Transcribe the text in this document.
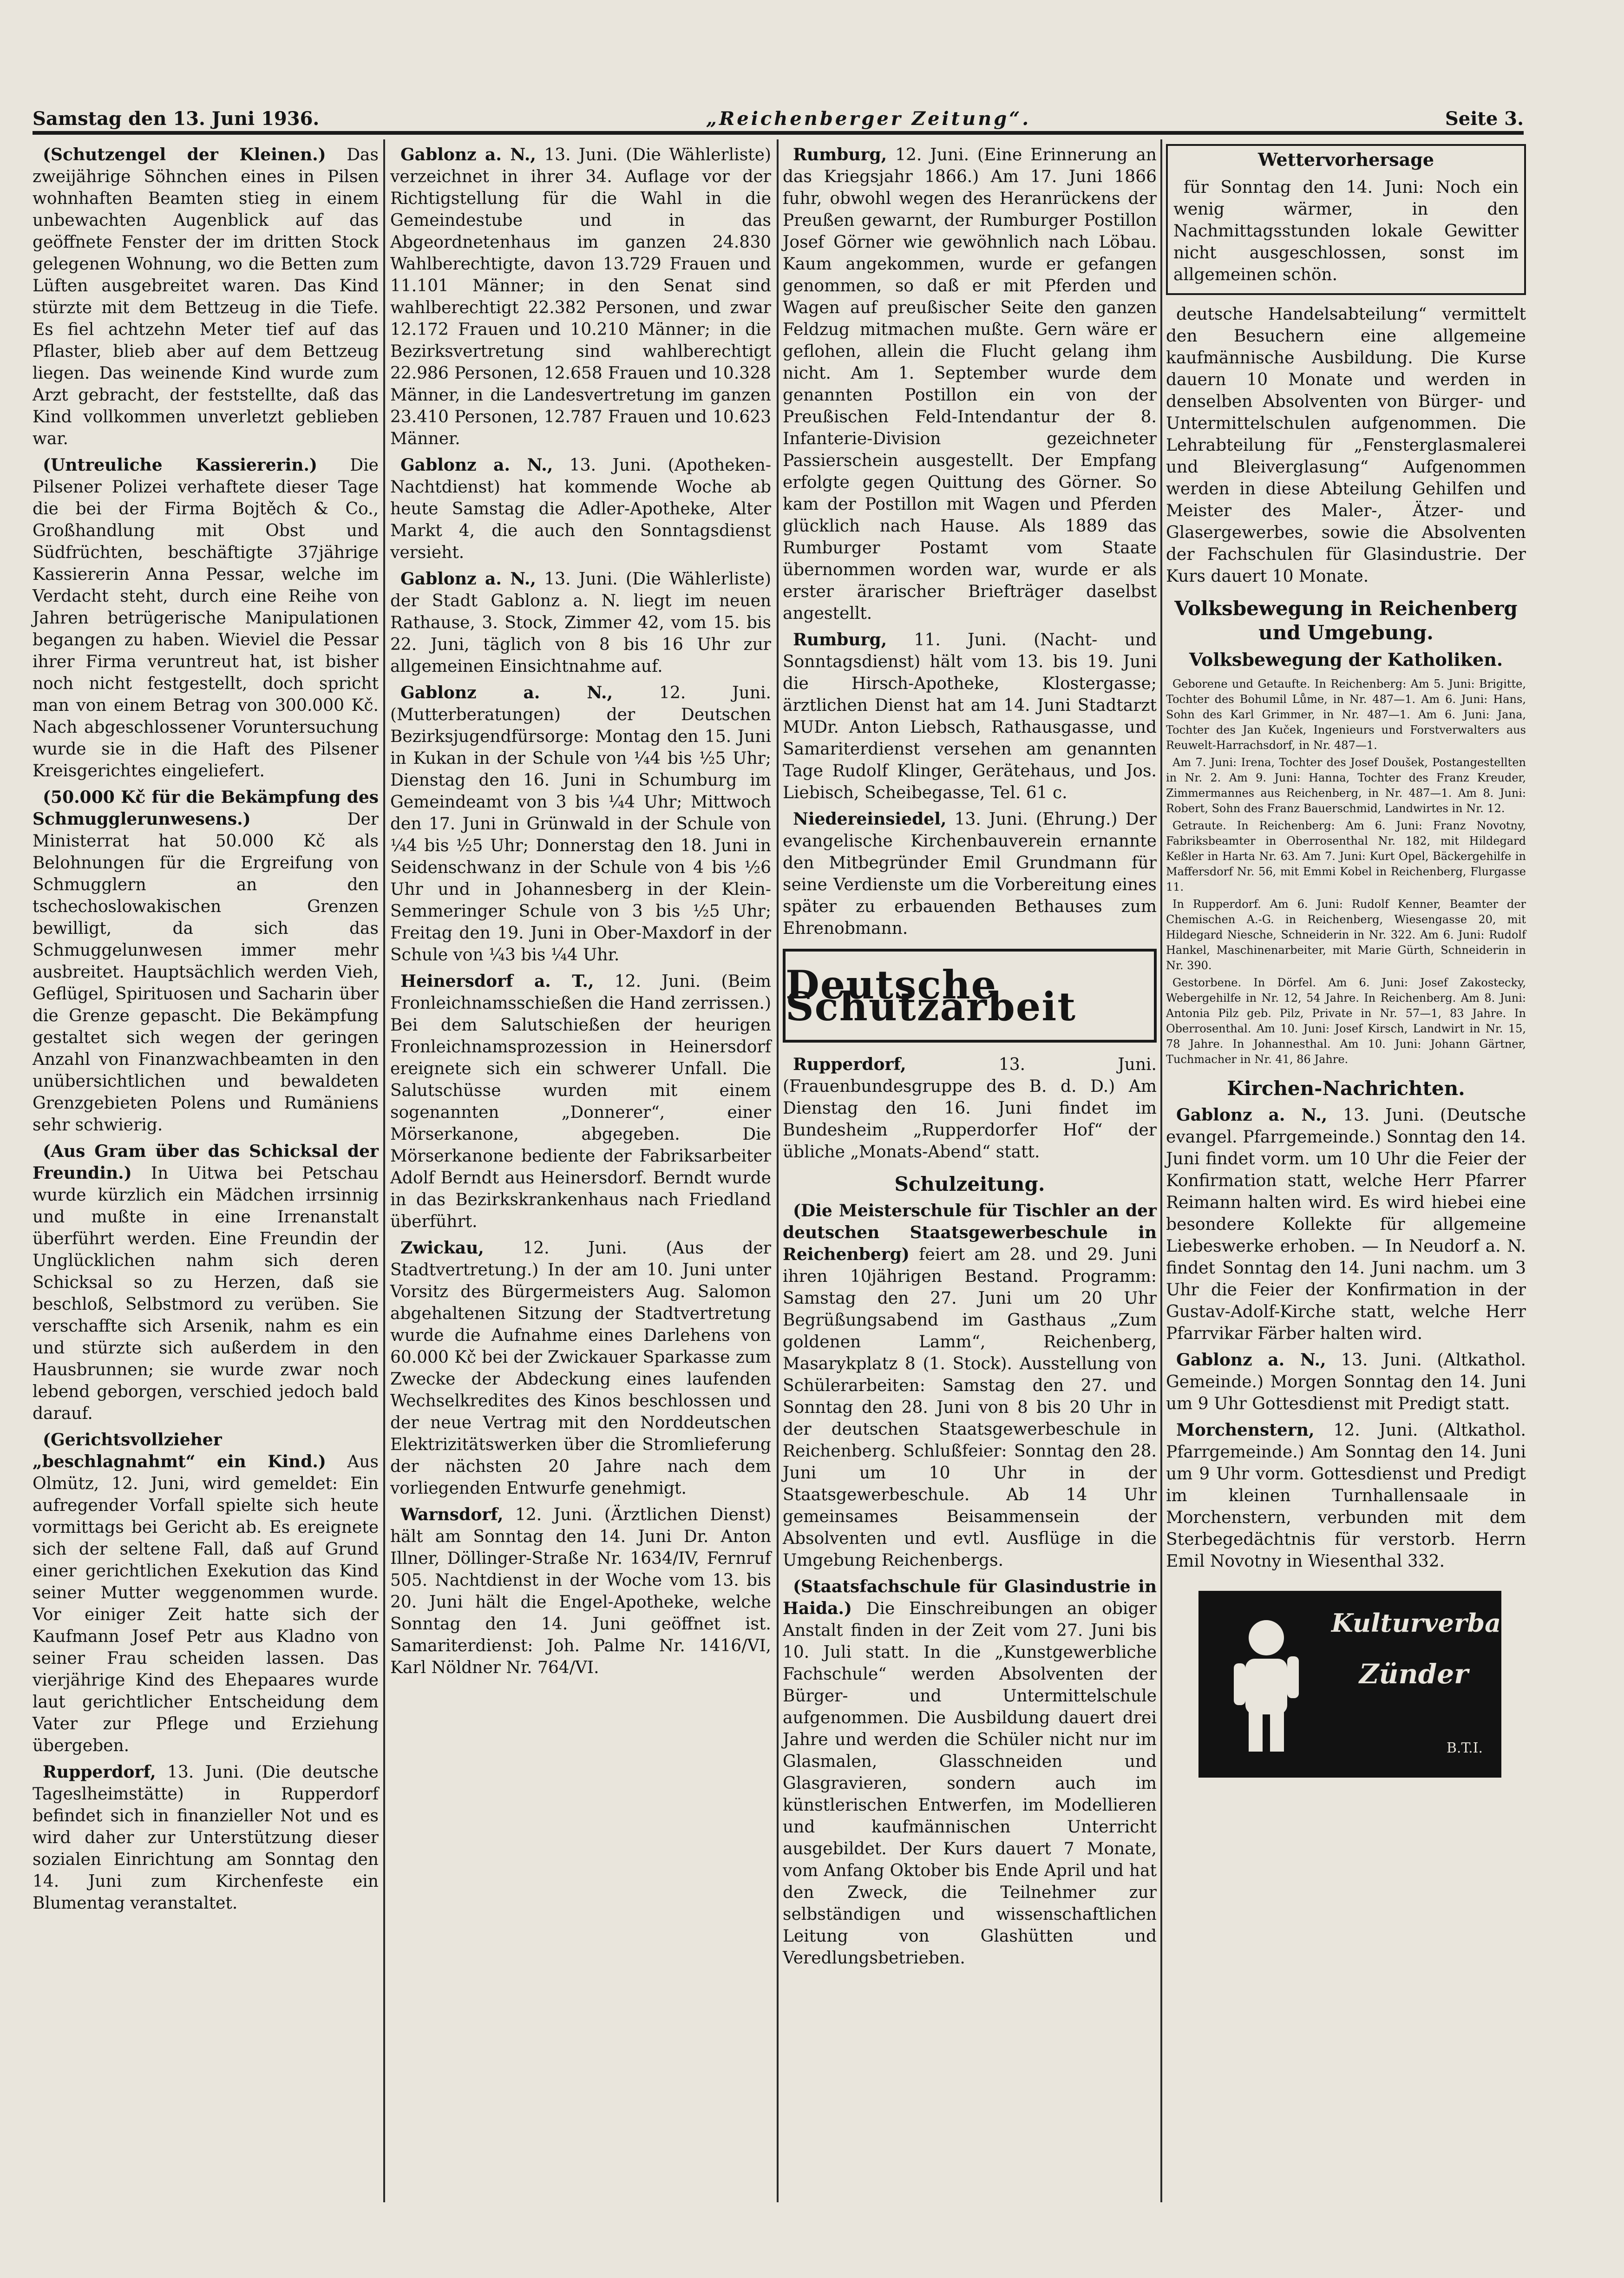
Samstag den 13. Juni 1936.	„Reichenberger Zeitung“.	Seite 3.

(Schutzengel der Kleinen.) Das zweijährige Söhnchen eines in Pilsen wohnhaften Beamten stieg in einem unbewachten Augenblick auf das geöffnete Fenster der im dritten Stock gelegenen Wohnung, wo die Betten zum Lüften ausgebreitet waren. Das Kind stürzte mit dem Bettzeug in die Tiefe. Es fiel achtzehn Meter tief auf das Pflaster, blieb aber auf dem Bettzeug liegen. Das weinende Kind wurde zum Arzt gebracht, der feststellte, daß das Kind vollkommen unverletzt geblieben war.

(Untreuliche Kassiererin.) Die Pilsener Polizei verhaftete dieser Tage die bei der Firma Bojtěch & Co., Großhandlung mit Obst und Südfrüchten, beschäftigte 37jährige Kassiererin Anna Pessar, welche im Verdacht steht, durch eine Reihe von Jahren betrügerische Manipulationen begangen zu haben. Wieviel die Pessar ihrer Firma veruntreut hat, ist bisher noch nicht festgestellt, doch spricht man von einem Betrag von 300.000 Kč. Nach abgeschlossener Voruntersuchung wurde sie in die Haft des Pilsener Kreisgerichtes eingeliefert.

(50.000 Kč für die Bekämpfung des Schmugglerunwesens.)	Der Ministerrat hat 50.000 Kč als Belohnungen für die Ergreifung von Schmugglern an den tschechoslowakischen Grenzen bewilligt, da sich das Schmuggelunwesen immer mehr ausbreitet. Hauptsächlich werden Vieh, Geflügel, Spirituosen und Sacharin über die Grenze gepascht. Die Bekämpfung gestaltet sich wegen der geringen Anzahl von Finanzwachbeamten in den unübersichtlichen und bewaldeten Grenzgebieten Polens und Rumäniens sehr schwierig.

(Aus Gram über das Schicksal der Freundin.) In Uitwa bei Petschau wurde kürzlich ein Mädchen irrsinnig und mußte in eine Irrenanstalt überführt werden. Eine Freundin der Unglücklichen nahm sich deren Schicksal so zu Herzen, daß sie beschloß, Selbstmord zu verüben. Sie verschaffte sich Arsenik, nahm es ein und stürzte sich außerdem in den Hausbrunnen; sie wurde zwar noch lebend geborgen, verschied jedoch bald darauf.

(Gerichtsvollzieher „beschlagnahmt“ ein Kind.) Aus Olmütz, 12. Juni, wird gemeldet: Ein aufregender Vorfall spielte sich heute vormittags bei Gericht ab. Es ereignete sich der seltene Fall, daß auf Grund einer gerichtlichen Exekution das Kind seiner Mutter weggenommen wurde. Vor einiger Zeit hatte sich der Kaufmann Josef Petr aus Kladno von seiner Frau scheiden lassen. Das vierjährige Kind des Ehepaares wurde laut gerichtlicher Entscheidung dem Vater zur Pflege und Erziehung übergeben.

Rupperdorf, 13. Juni. (Die deutsche Tageslheimstätte) in Rupperdorf befindet sich in finanzieller Not und es wird daher zur Unterstützung dieser sozialen Einrichtung am Sonntag den 14. Juni zum Kirchenfeste ein Blumentag veranstaltet.

Gablonz a. N., 13. Juni. (Die Wählerliste) verzeichnet in ihrer 34. Auflage vor der Richtigstellung für die Wahl in die Gemeindestube und in das Abgeordnetenhaus im ganzen 24.830 Wahlberechtigte, davon 13.729 Frauen und 11.101 Männer; in den Senat sind wahlberechtigt 22.382 Personen, und zwar 12.172 Frauen und 10.210 Männer; in die Bezirksvertretung sind wahlberechtigt 22.986 Personen, 12.658 Frauen und 10.328 Männer, in die Landesvertretung im ganzen 23.410 Personen, 12.787 Frauen und 10.623 Männer.

Gablonz a. N., 13. Juni. (Apotheken-Nachtdienst) hat kommende Woche ab heute Samstag die Adler-Apotheke, Alter Markt 4, die auch den Sonntagsdienst versieht.

Gablonz a. N., 13. Juni. (Die Wählerliste) der Stadt Gablonz a. N. liegt im neuen Rathause, 3. Stock, Zimmer 42, vom 15. bis 22. Juni, täglich von 8 bis 16 Uhr zur allgemeinen Einsichtnahme auf.

Gablonz a. N.,	12. Juni. (Mutterberatungen) der Deutschen Bezirksjugendfürsorge: Montag den 15. Juni in Kukan in der Schule von ¼4 bis ½5 Uhr; Dienstag den 16. Juni in Schumburg im Gemeindeamt von 3 bis ¼4 Uhr; Mittwoch den 17. Juni in Grünwald in der Schule von ¼4 bis ½5 Uhr; Donnerstag den 18. Juni in Seidenschwanz in der Schule von 4 bis ½6 Uhr und in Johannesberg in der Klein-Semmeringer Schule von 3 bis ½5 Uhr; Freitag den 19. Juni in Ober-Maxdorf in der Schule von ¼3 bis ¼4 Uhr.

Heinersdorf a. T., 12. Juni. (Beim Fronleichnamsschießen die Hand zerrissen.) Bei dem Salutschießen der heurigen Fronleichnamsprozession in Heinersdorf ereignete sich ein schwerer Unfall. Die Salutschüsse wurden mit einem sogenannten „Donnerer“, einer Mörserkanone, abgegeben. Die Mörserkanone bediente der Fabriksarbeiter Adolf Berndt aus Heinersdorf. Berndt wurde in das Bezirkskrankenhaus nach Friedland überführt.

Zwickau, 12. Juni. (Aus der Stadtvertretung.) In der am 10. Juni unter Vorsitz des Bürgermeisters Aug. Salomon abgehaltenen Sitzung der Stadtvertretung wurde die Aufnahme eines Darlehens von 60.000 Kč bei der Zwickauer Sparkasse zum Zwecke der Abdeckung eines laufenden Wechselkredites des Kinos beschlossen und der neue Vertrag mit den Norddeutschen Elektrizitätswerken über die Stromlieferung der nächsten 20 Jahre nach dem vorliegenden Entwurfe genehmigt.

Warnsdorf, 12. Juni. (Ärztlichen Dienst) hält am Sonntag den 14. Juni Dr. Anton Illner, Döllinger-Straße Nr. 1634/IV, Fernruf 505. Nachtdienst in der Woche vom 13. bis 20. Juni hält die Engel-Apotheke, welche Sonntag den 14. Juni geöffnet ist. Samariterdienst: Joh. Palme Nr. 1416/VI, Karl Nöldner Nr. 764/VI.

Rumburg, 12. Juni. (Eine Erinnerung an das Kriegsjahr 1866.) Am 17. Juni 1866 fuhr, obwohl wegen des Heranrückens der Preußen gewarnt, der Rumburger Postillon Josef Görner wie gewöhnlich nach Löbau. Kaum angekommen, wurde er gefangen genommen, so daß er mit Pferden und Wagen auf preußischer Seite den ganzen Feldzug mitmachen mußte. Gern wäre er geflohen, allein die Flucht gelang ihm nicht. Am 1. September wurde dem genannten Postillon ein von der Preußischen Feld-Intendantur der 8. Infanterie-Division gezeichneter Passierschein ausgestellt. Der Empfang erfolgte gegen Quittung des Görner. So kam der Postillon mit Wagen und Pferden glücklich nach Hause. Als 1889 das Rumburger Postamt vom Staate übernommen worden war, wurde er als erster ärarischer Briefträger daselbst angestellt.

Rumburg, 11. Juni. (Nacht- und Sonntagsdienst) hält vom 13. bis 19. Juni die Hirsch-Apotheke, Klostergasse; ärztlichen Dienst hat am 14. Juni Stadtarzt MUDr. Anton Liebsch, Rathausgasse, und Samariterdienst versehen am genannten Tage Rudolf Klinger, Gerätehaus, und Jos. Liebisch, Scheibegasse, Tel. 61 c.

Niedereinsiedel, 13. Juni. (Ehrung.) Der evangelische Kirchenbauverein ernannte den Mitbegründer Emil Grundmann für seine Verdienste um die Vorbereitung eines später zu erbauenden Bethauses zum Ehrenobmann.

Deutsche Schutzarbeit

Rupperdorf,	13. Juni. (Frauenbundesgruppe des B. d. D.) Am Dienstag den 16. Juni findet im Bundesheim „Rupperdorfer Hof“ der übliche „Monats-Abend“ statt.

Schulzeitung.

(Die Meisterschule für Tischler an der deutschen Staatsgewerbeschule in Reichenberg) feiert am 28. und 29. Juni ihren 10jährigen Bestand. Programm: Samstag den 27. Juni um 20 Uhr Begrüßungsabend im Gasthaus „Zum goldenen Lamm“, Reichenberg, Masarykplatz 8 (1. Stock). Ausstellung von Schülerarbeiten: Samstag den 27. und Sonntag den 28. Juni von 8 bis 20 Uhr in der deutschen Staatsgewerbeschule in Reichenberg. Schlußfeier: Sonntag den 28. Juni um 10 Uhr in der Staatsgewerbeschule. Ab 14 Uhr gemeinsames Beisammensein der Absolventen und evtl. Ausflüge in die Umgebung Reichenbergs.

(Staatsfachschule für Glasindustrie in Haida.) Die Einschreibungen an obiger Anstalt finden in der Zeit vom 27. Juni bis 10. Juli statt. In die „Kunstgewerbliche Fachschule“ werden Absolventen der Bürger- und Untermittelschule aufgenommen. Die Ausbildung dauert drei Jahre und werden die Schüler nicht nur im Glasmalen, Glasschneiden und Glasgravieren, sondern auch im künstlerischen Entwerfen, im Modellieren und kaufmännischen Unterricht ausgebildet. Der Kurs dauert 7 Monate, vom Anfang Oktober bis Ende April und hat den Zweck, die Teilnehmer zur selbständigen und wissenschaftlichen Leitung von Glashütten und Veredlungsbetrieben.

Wettervorhersage

für Sonntag den 14. Juni: Noch ein wenig wärmer, in den Nachmittagsstunden lokale Gewitter nicht ausgeschlossen, sonst im allgemeinen schön.

deutsche Handelsabteilung“ vermittelt den Besuchern eine allgemeine kaufmännische Ausbildung. Die Kurse dauern 10 Monate und werden in denselben Absolventen von Bürger- und Untermittelschulen aufgenommen. Die Lehrabteilung für „Fensterglasmalerei und Bleiverglasung“ Aufgenommen werden in diese Abteilung Gehilfen und Meister des Maler-, Ätzer- und Glasergewerbes, sowie die Absolventen der Fachschulen für Glasindustrie. Der Kurs dauert 10 Monate.

Volksbewegung in Reichenberg und Umgebung.
Volksbewegung der Katholiken.

Geborene und Getaufte. In Reichenberg: Am 5. Juni: Brigitte, Tochter des Bohumil Lůme, in Nr. 487—1. Am 6. Juni: Hans, Sohn des Karl Grimmer, in Nr. 487—1. Am 6. Juni: Jana, Tochter des Jan Kuček, Ingenieurs und Forstverwalters aus Reuwelt-Harrachsdorf, in Nr. 487—1.

Am 7. Juni: Irena, Tochter des Josef Doušek, Postangestellten in Nr. 2. Am 9. Juni: Hanna, Tochter des Franz Kreuder, Zimmermannes aus Reichenberg, in Nr. 487—1. Am 8. Juni: Robert, Sohn des Franz Bauerschmid, Landwirtes in Nr. 12.

Getraute. In Reichenberg: Am 6. Juni: Franz Novotny, Fabriksbeamter in Oberrosenthal Nr. 182, mit Hildegard Keßler in Harta Nr. 63. Am 7. Juni: Kurt Opel, Bäckergehilfe in Maffersdorf Nr. 56, mit Emmi Kobel in Reichenberg, Flurgasse 11.

In Rupperdorf. Am 6. Juni: Rudolf Kenner, Beamter der Chemischen A.-G. in Reichenberg, Wiesengasse 20, mit Hildegard Niesche, Schneiderin in Nr. 322. Am 6. Juni: Rudolf Hankel, Maschinenarbeiter, mit Marie Gürth, Schneiderin in Nr. 390.

Gestorbene. In Dörfel. Am 6. Juni: Josef Zakostecky, Webergehilfe in Nr. 12, 54 Jahre. In Reichenberg. Am 8. Juni: Antonia Pilz geb. Pilz, Private in Nr. 57—1, 83 Jahre. In Oberrosenthal. Am 10. Juni: Josef Kirsch, Landwirt in Nr. 15, 78 Jahre. In Johannesthal. Am 10. Juni: Johann Gärtner, Tuchmacher in Nr. 41, 86 Jahre.

Kirchen-Nachrichten.

Gablonz a. N., 13. Juni. (Deutsche evangel. Pfarrgemeinde.) Sonntag den 14. Juni findet vorm. um 10 Uhr die Feier der Konfirmation statt, welche Herr Pfarrer Reimann halten wird. Es wird hiebei eine besondere Kollekte für allgemeine Liebeswerke erhoben. — In Neudorf a. N. findet Sonntag den 14. Juni nachm. um 3 Uhr die Feier der Konfirmation in der Gustav-Adolf-Kirche statt, welche Herr Pfarrvikar Färber halten wird.

Gablonz a. N., 13. Juni. (Altkathol. Gemeinde.) Morgen Sonntag den 14. Juni um 9 Uhr Gottesdienst mit Predigt statt.

Morchenstern, 12. Juni. (Altkathol. Pfarrgemeinde.) Am Sonntag den 14. Juni um 9 Uhr vorm. Gottesdienst und Predigt im kleinen Turnhallensaale in Morchenstern, verbunden mit dem Sterbegedächtnis für verstorb. Herrn Emil Novotny in Wiesenthal 332.

Kulturverbands-
Zünder
B.T.I.
